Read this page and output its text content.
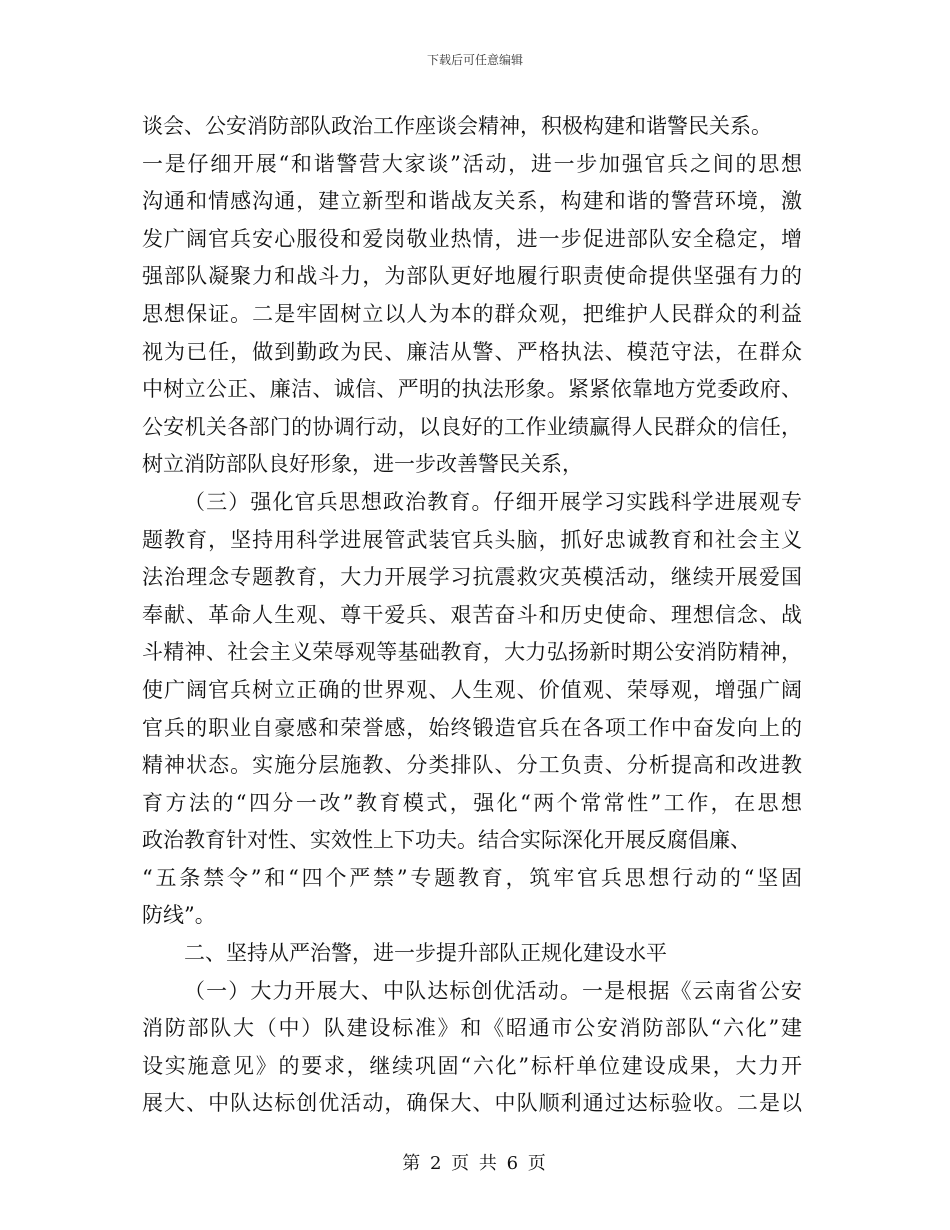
下载后可任意编辑
谈会、公安消防部队政治工作座谈会精神，积极构建和谐警民关系。
一是仔细开展“和谐警营大家谈”活动，进一步加强官兵之间的思想
沟通和情感沟通，建立新型和谐战友关系，构建和谐的警营环境，激
发广阔官兵安心服役和爱岗敬业热情，进一步促进部队安全稳定，增
强部队凝聚力和战斗力，为部队更好地履行职责使命提供坚强有力的
思想保证。二是牢固树立以人为本的群众观，把维护人民群众的利益
视为已任，做到勤政为民、廉洁从警、严格执法、模范守法，在群众
中树立公正、廉洁、诚信、严明的执法形象。紧紧依靠地方党委政府、
公安机关各部门的协调行动，以良好的工作业绩赢得人民群众的信任，
树立消防部队良好形象，进一步改善警民关系，
（三）强化官兵思想政治教育。仔细开展学习实践科学进展观专
题教育，坚持用科学进展管武装官兵头脑，抓好忠诚教育和社会主义
法治理念专题教育，大力开展学习抗震救灾英模活动，继续开展爱国
奉献、革命人生观、尊干爱兵、艰苦奋斗和历史使命、理想信念、战
斗精神、社会主义荣辱观等基础教育，大力弘扬新时期公安消防精神，
使广阔官兵树立正确的世界观、人生观、价值观、荣辱观，增强广阔
官兵的职业自豪感和荣誉感，始终锻造官兵在各项工作中奋发向上的
精神状态。实施分层施教、分类排队、分工负责、分析提高和改进教
育方法的“四分一改”教育模式，强化“两个常常性”工作，在思想
政治教育针对性、实效性上下功夫。结合实际深化开展反腐倡廉、
“五条禁令”和“四个严禁”专题教育，筑牢官兵思想行动的“坚固
防线”。
二、坚持从严治警，进一步提升部队正规化建设水平
（一）大力开展大、中队达标创优活动。一是根据《云南省公安
消防部队大（中）队建设标准》和《昭通市公安消防部队“六化”建
设实施意见》的要求，继续巩固“六化”标杆单位建设成果，大力开
展大、中队达标创优活动，确保大、中队顺利通过达标验收。二是以
第 2 页 共 6 页
